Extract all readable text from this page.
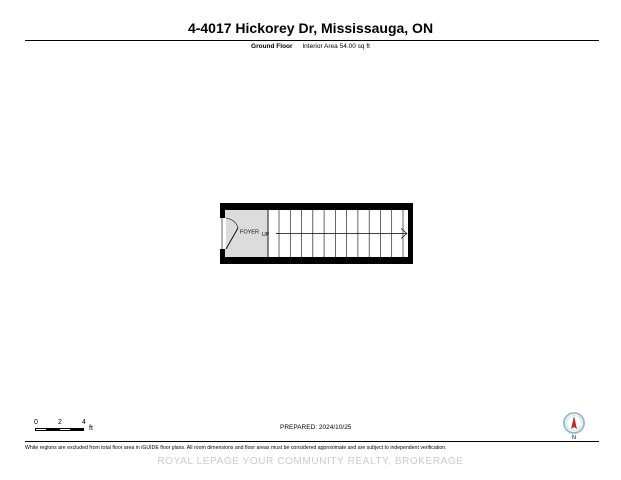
4-4017 Hickorey Dr, Mississauga, ON
Ground Floor Interior Area 54.00 sq ft
FOYER UP
0	2	4
ft	PREPARED: 2024/10/25
N
White regions are excluded from total floor area in iGUIDE floor plans. All room dimensions and floor areas must be considered approximate and are subject to independent verification.
ROYAL LEPAGE YOUR COMMUNITY REALTY, BROKERAGE
